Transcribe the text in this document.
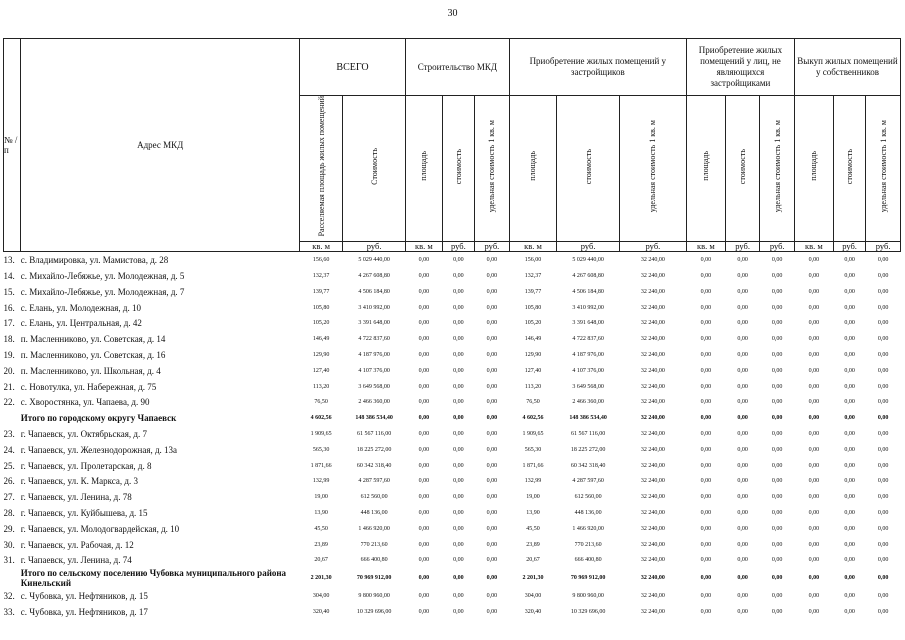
30
№ /п	Адрес МКД	ВСЕГО		Строительство МКД			Приобретение жилых помещений у застройщиков			Приобретение жилых помещений у лиц, не являющихся застройщиками			Выкуп жилых помещений у собственников		
		Расселяемая площадь жилых помещений	Стоимость	площадь	стоимость	удельная стоимость 1 кв. м	площадь	стоимость	удельная стоимость 1 кв. м	площадь	стоимость	удельная стоимость 1 кв. м	площадь	стоимость	удельная стоимость 1 кв. м
		кв. м	руб.	кв. м	руб.	руб.	кв. м	руб.	руб.	кв. м	руб.	руб.	кв. м	руб.	руб.
13.	с. Владимировка, ул. Мамистова, д. 28	156,60	5 029 440,00	0,00	0,00	0,00	156,00	5 029 440,00	32 240,00	0,00	0,00	0,00	0,00	0,00	0,00
14.	с. Михайло-Лебяжье, ул. Молодежная, д. 5	132,37	4 267 608,80	0,00	0,00	0,00	132,37	4 267 608,80	32 240,00	0,00	0,00	0,00	0,00	0,00	0,00
15.	с. Михайло-Лебяжье, ул. Молодежная, д. 7	139,77	4 506 184,80	0,00	0,00	0,00	139,77	4 506 184,80	32 240,00	0,00	0,00	0,00	0,00	0,00	0,00
16.	с. Елань, ул. Молодежная, д. 10	105,80	3 410 992,00	0,00	0,00	0,00	105,80	3 410 992,00	32 240,00	0,00	0,00	0,00	0,00	0,00	0,00
17.	с. Елань, ул. Центральная, д. 42	105,20	3 391 648,00	0,00	0,00	0,00	105,20	3 391 648,00	32 240,00	0,00	0,00	0,00	0,00	0,00	0,00
18.	п. Масленниково, ул. Советская, д. 14	146,49	4 722 837,60	0,00	0,00	0,00	146,49	4 722 837,60	32 240,00	0,00	0,00	0,00	0,00	0,00	0,00
19.	п. Масленниково, ул. Советская, д. 16	129,90	4 187 976,00	0,00	0,00	0,00	129,90	4 187 976,00	32 240,00	0,00	0,00	0,00	0,00	0,00	0,00
20.	п. Масленниково, ул. Школьная, д. 4	127,40	4 107 376,00	0,00	0,00	0,00	127,40	4 107 376,00	32 240,00	0,00	0,00	0,00	0,00	0,00	0,00
21.	с. Новотулка, ул. Набережная, д. 75	113,20	3 649 568,00	0,00	0,00	0,00	113,20	3 649 568,00	32 240,00	0,00	0,00	0,00	0,00	0,00	0,00
22.	с. Хворостянка, ул. Чапаева, д. 90	76,50	2 466 360,00	0,00	0,00	0,00	76,50	2 466 360,00	32 240,00	0,00	0,00	0,00	0,00	0,00	0,00
	Итого по городскому округу Чапаевск	4 602,56	148 386 534,40	0,00	0,00	0,00	4 602,56	148 386 534,40	32 240,00	0,00	0,00	0,00	0,00	0,00	0,00
23.	г. Чапаевск, ул. Октябрьская, д. 7	1 909,65	61 567 116,00	0,00	0,00	0,00	1 909,65	61 567 116,00	32 240,00	0,00	0,00	0,00	0,00	0,00	0,00
24.	г. Чапаевск, ул. Железнодорожная, д. 13а	565,30	18 225 272,00	0,00	0,00	0,00	565,30	18 225 272,00	32 240,00	0,00	0,00	0,00	0,00	0,00	0,00
25.	г. Чапаевск, ул. Пролетарская, д. 8	1 871,66	60 342 318,40	0,00	0,00	0,00	1 871,66	60 342 318,40	32 240,00	0,00	0,00	0,00	0,00	0,00	0,00
26.	г. Чапаевск, ул. К. Маркса, д. 3	132,99	4 287 597,60	0,00	0,00	0,00	132,99	4 287 597,60	32 240,00	0,00	0,00	0,00	0,00	0,00	0,00
27.	г. Чапаевск, ул. Ленина, д. 78	19,00	612 560,00	0,00	0,00	0,00	19,00	612 560,00	32 240,00	0,00	0,00	0,00	0,00	0,00	0,00
28.	г. Чапаевск, ул. Куйбышева, д. 15	13,90	448 136,00	0,00	0,00	0,00	13,90	448 136,00	32 240,00	0,00	0,00	0,00	0,00	0,00	0,00
29.	г. Чапаевск, ул. Молодогвардейская, д. 10	45,50	1 466 920,00	0,00	0,00	0,00	45,50	1 466 920,00	32 240,00	0,00	0,00	0,00	0,00	0,00	0,00
30.	г. Чапаевск, ул. Рабочая, д. 12	23,89	770 213,60	0,00	0,00	0,00	23,89	770 213,60	32 240,00	0,00	0,00	0,00	0,00	0,00	0,00
31.	г. Чапаевск, ул. Ленина, д. 74	20,67	666 400,80	0,00	0,00	0,00	20,67	666 400,80	32 240,00	0,00	0,00	0,00	0,00	0,00	0,00
	Итого по сельскому поселению Чубовка муниципального района Кинельский	2 201,30	70 969 912,00	0,00	0,00	0,00	2 201,30	70 969 912,00	32 240,00	0,00	0,00	0,00	0,00	0,00	0,00
32.	с. Чубовка, ул. Нефтяников, д. 15	304,00	9 800 960,00	0,00	0,00	0,00	304,00	9 800 960,00	32 240,00	0,00	0,00	0,00	0,00	0,00	0,00
33.	с. Чубовка, ул. Нефтяников, д. 17	320,40	10 329 696,00	0,00	0,00	0,00	320,40	10 329 696,00	32 240,00	0,00	0,00	0,00	0,00	0,00	0,00
